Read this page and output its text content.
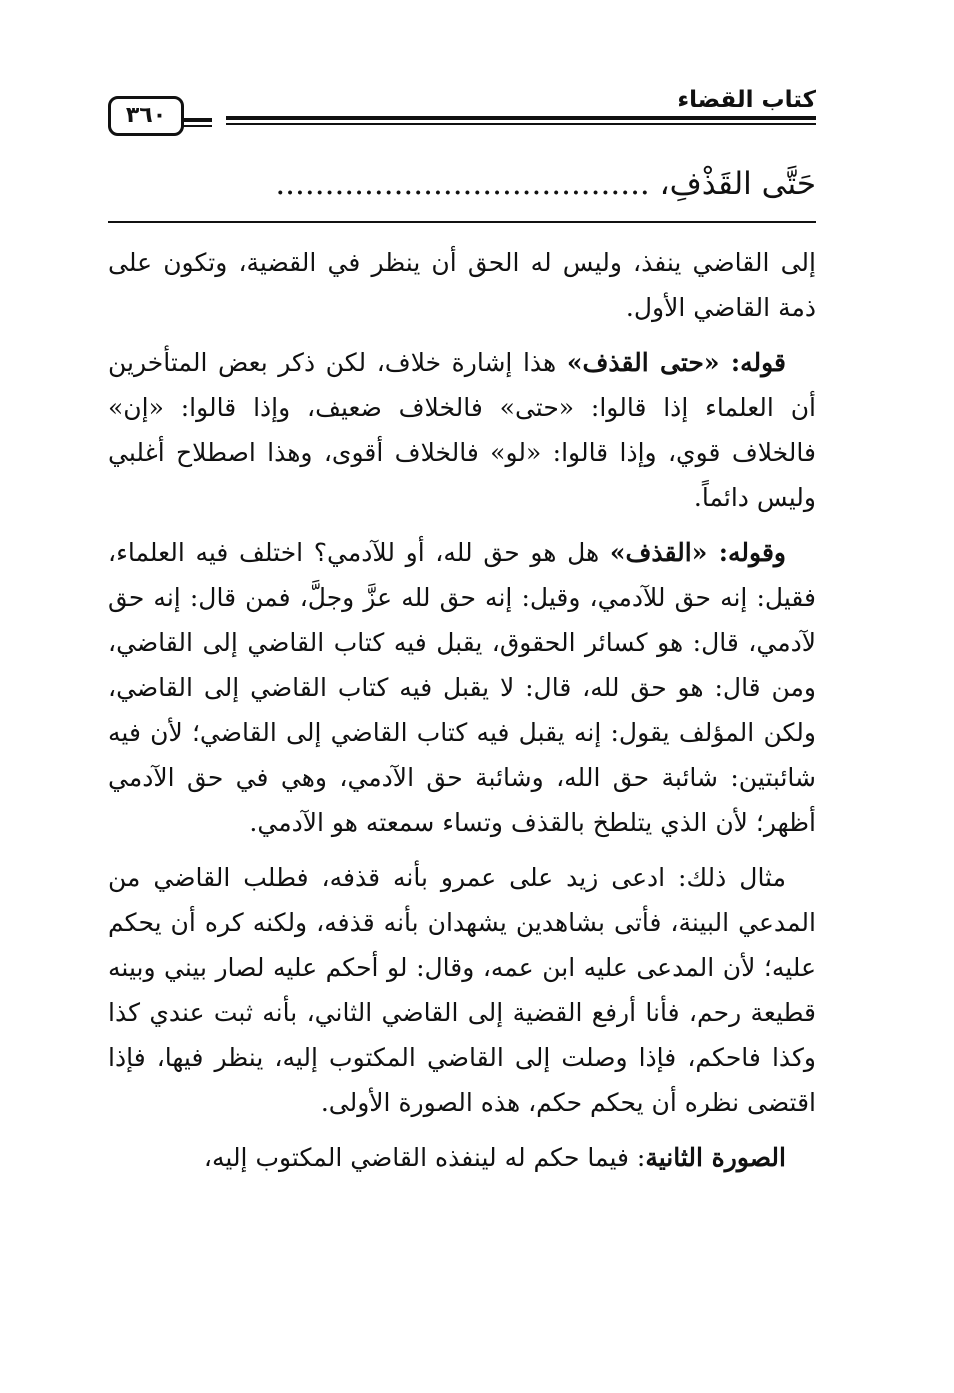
كتاب القضاء
٣٦٠
حَتَّى القَذْفِ، ......................................

إلى القاضي ينفذ، وليس له الحق أن ينظر في القضية، وتكون على ذمة القاضي الأول.

قوله: «حتى القذف» هذا إشارة خلاف، لكن ذكر بعض المتأخرين أن العلماء إذا قالوا: «حتى» فالخلاف ضعيف، وإذا قالوا: «إن» فالخلاف قوي، وإذا قالوا: «لو» فالخلاف أقوى، وهذا اصطلاح أغلبي وليس دائماً.

وقوله: «القذف» هل هو حق لله، أو للآدمي؟ اختلف فيه العلماء، فقيل: إنه حق للآدمي، وقيل: إنه حق لله عزَّ وجلَّ، فمن قال: إنه حق لآدمي، قال: هو كسائر الحقوق، يقبل فيه كتاب القاضي إلى القاضي، ومن قال: هو حق لله، قال: لا يقبل فيه كتاب القاضي إلى القاضي، ولكن المؤلف يقول: إنه يقبل فيه كتاب القاضي إلى القاضي؛ لأن فيه شائبتين: شائبة حق الله، وشائبة حق الآدمي، وهي في حق الآدمي أظهر؛ لأن الذي يتلطخ بالقذف وتساء سمعته هو الآدمي.

مثال ذلك: ادعى زيد على عمرو بأنه قذفه، فطلب القاضي من المدعي البينة، فأتى بشاهدين يشهدان بأنه قذفه، ولكنه كره أن يحكم عليه؛ لأن المدعى عليه ابن عمه، وقال: لو أحكم عليه لصار بيني وبينه قطيعة رحم، فأنا أرفع القضية إلى القاضي الثاني، بأنه ثبت عندي كذا وكذا فاحكم، فإذا وصلت إلى القاضي المكتوب إليه، ينظر فيها، فإذا اقتضى نظره أن يحكم حكم، هذه الصورة الأولى.

الصورة الثانية: فيما حكم له لينفذه القاضي المكتوب إليه،
